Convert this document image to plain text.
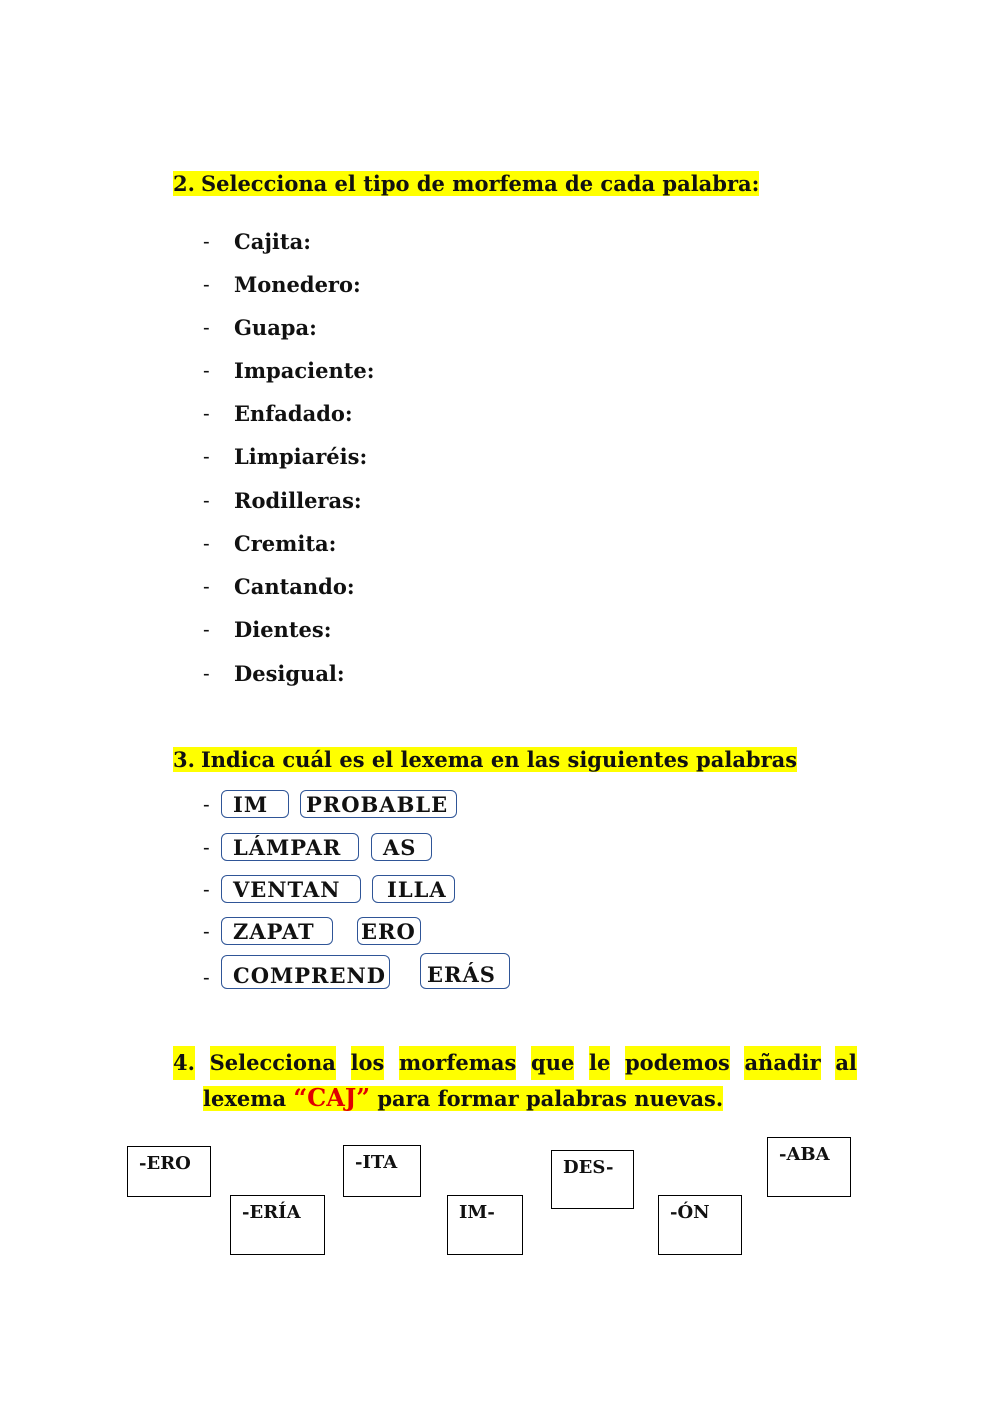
2. Selecciona el tipo de morfema de cada palabra:
- Cajita:
- Monedero:
- Guapa:
- Impaciente:
- Enfadado:
- Limpiaréis:
- Rodilleras:
- Cremita:
- Cantando:
- Dientes:
- Desigual:
3. Indica cuál es el lexema en las siguientes palabras
-	IM	PROBABLE
-	LÁMPAR	AS
-	VENTAN	ILLA
-	ZAPAT	ERO
-	COMPREND	ERÁS
4. Selecciona los morfemas que le podemos añadir al
lexema “CAJ” para formar palabras nuevas.
-ERO
-ERÍA
-ITA
IM-
DES-
-ÓN
-ABA
